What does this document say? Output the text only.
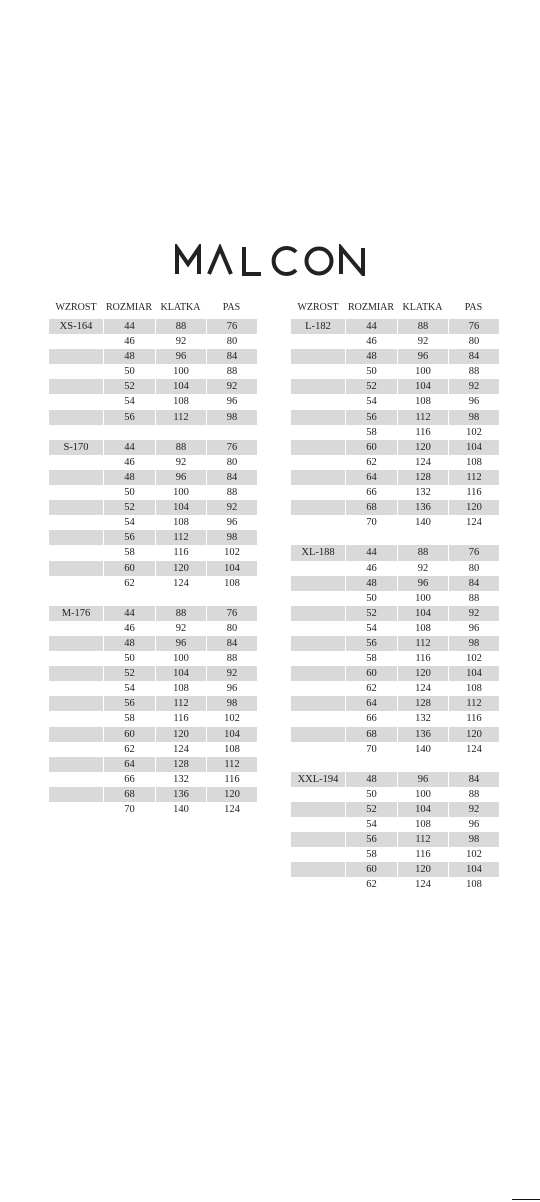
WZROST ROZMIAR KLATKA	PAS
XS-164	44	88	76
46	92	80
48	96	84
50	100	88
52	104	92
54	108	96
56	112	98
S-170	44	88	76
46	92	80
48	96	84
50	100	88
52	104	92
54	108	96
56	112	98
58	116	102
60	120	104
62	124	108
M-176	44	88	76
46	92	80
48	96	84
50	100	88
52	104	92
54	108	96
56	112	98
58	116	102
60	120	104
62	124	108
64	128	112
66	132	116
68	136	120
70	140	124
WZROST ROZMIAR KLATKA	PAS
L-182	44	88	76
46	92	80
48	96	84
50	100	88
52	104	92
54	108	96
56	112	98
58	116	102
60	120	104
62	124	108
64	128	112
66	132	116
68	136	120
70	140	124
XL-188	44	88	76
46	92	80
48	96	84
50	100	88
52	104	92
54	108	96
56	112	98
58	116	102
60	120	104
62	124	108
64	128	112
66	132	116
68	136	120
70	140	124
XXL-194	48	96	84
50	100	88
52	104	92
54	108	96
56	112	98
58	116	102
60	120	104
62	124	108
